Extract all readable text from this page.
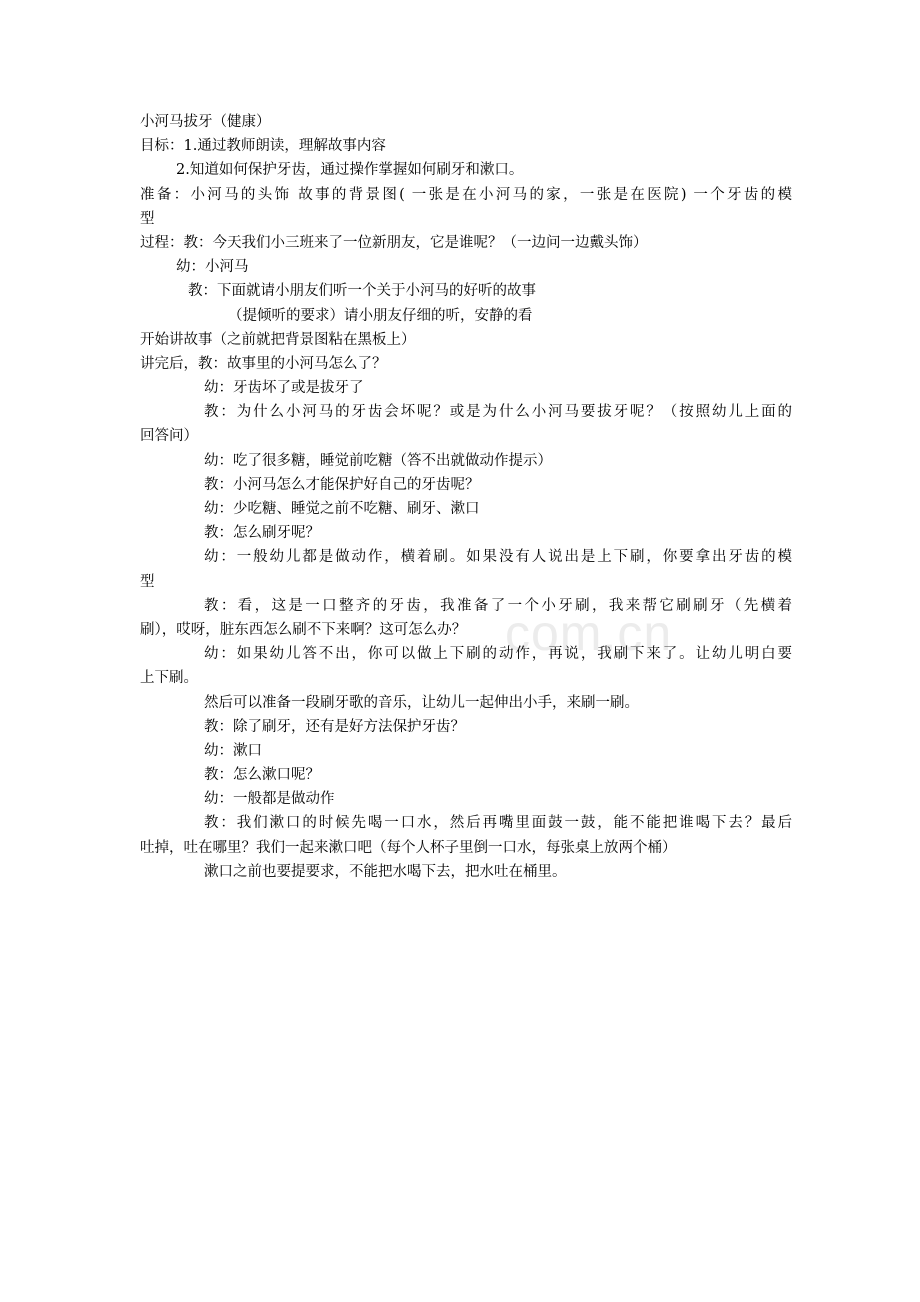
com.cn
小河马拔牙（健康）
目标：1.通过教师朗读，理解故事内容
2.知道如何保护牙齿，通过操作掌握如何刷牙和漱口。
准备：小河马的头饰 故事的背景图( 一张是在小河马的家，一张是在医院) 一个牙齿的模
型
过程：教：今天我们小三班来了一位新朋友，它是谁呢？（一边问一边戴头饰）
幼：小河马
教：下面就请小朋友们听一个关于小河马的好听的故事
（提倾听的要求）请小朋友仔细的听，安静的看
开始讲故事（之前就把背景图粘在黑板上）
讲完后，教：故事里的小河马怎么了？
幼：牙齿坏了或是拔牙了
教：为什么小河马的牙齿会坏呢？或是为什么小河马要拔牙呢？（按照幼儿上面的
回答问）
幼：吃了很多糖，睡觉前吃糖（答不出就做动作提示）
教：小河马怎么才能保护好自己的牙齿呢？
幼：少吃糖、睡觉之前不吃糖、刷牙、漱口
教：怎么刷牙呢？
幼：一般幼儿都是做动作，横着刷。如果没有人说出是上下刷，你要拿出牙齿的模
型
教：看，这是一口整齐的牙齿，我准备了一个小牙刷，我来帮它刷刷牙（先横着
刷），哎呀，脏东西怎么刷不下来啊？这可怎么办？
幼：如果幼儿答不出，你可以做上下刷的动作，再说，我刷下来了。让幼儿明白要
上下刷。
然后可以准备一段刷牙歌的音乐，让幼儿一起伸出小手，来刷一刷。
教：除了刷牙，还有是好方法保护牙齿？
幼：漱口
教：怎么漱口呢？
幼：一般都是做动作
教：我们漱口的时候先喝一口水，然后再嘴里面鼓一鼓，能不能把谁喝下去？最后
吐掉，吐在哪里？我们一起来漱口吧（每个人杯子里倒一口水，每张桌上放两个桶）
漱口之前也要提要求，不能把水喝下去，把水吐在桶里。
